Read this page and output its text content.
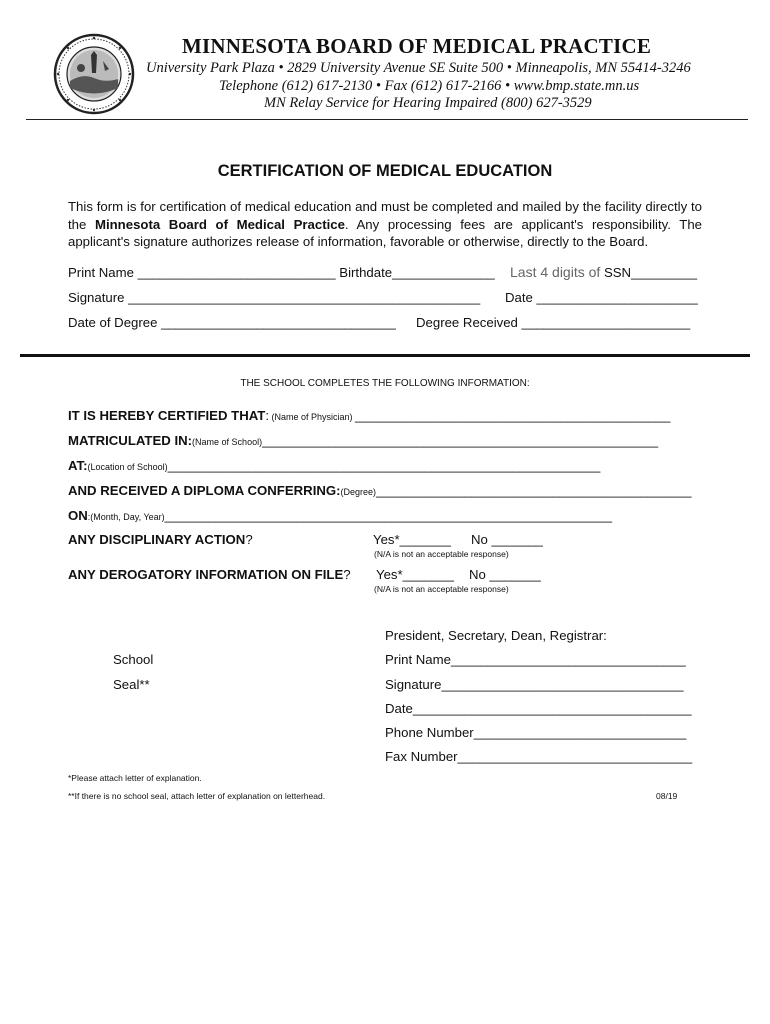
MINNESOTA BOARD OF MEDICAL PRACTICE
University Park Plaza • 2829 University Avenue SE Suite 500 • Minneapolis, MN 55414-3246
Telephone (612) 617-2130 • Fax (612) 617-2166 • www.bmp.state.mn.us
MN Relay Service for Hearing Impaired (800) 627-3529
CERTIFICATION OF MEDICAL EDUCATION

This form is for certification of medical education and must be completed and mailed by the facility directly to the Minnesota Board of Medical Practice. Any processing fees are applicant's responsibility. The applicant's signature authorizes release of information, favorable or otherwise, directly to the Board.

Print Name ___________________________ Birthdate______________ Last 4 digits of SSN_________
Signature ________________________________________________ Date ______________________
Date of Degree ________________________________ Degree Received _______________________
THE SCHOOL COMPLETES THE FOLLOWING INFORMATION:
IT IS HEREBY CERTIFIED THAT: (Name of Physician) ___________________________________________
MATRICULATED IN:(Name of School)______________________________________________________
AT:(Location of School)___________________________________________________________
AND RECEIVED A DIPLOMA CONFERRING:(Degree)___________________________________________
ON:(Month, Day, Year)_____________________________________________________________
ANY DISCIPLINARY ACTION?	Yes*_______ No _______
(N/A is not an acceptable response)
ANY DEROGATORY INFORMATION ON FILE? Yes*_______ No _______
(N/A is not an acceptable response)
School
Seal**
President, Secretary, Dean, Registrar:
Print Name________________________________
Signature_________________________________
Date______________________________________
Phone Number_____________________________
Fax Number________________________________
*Please attach letter of explanation.
**If there is no school seal, attach letter of explanation on letterhead.	08/19
